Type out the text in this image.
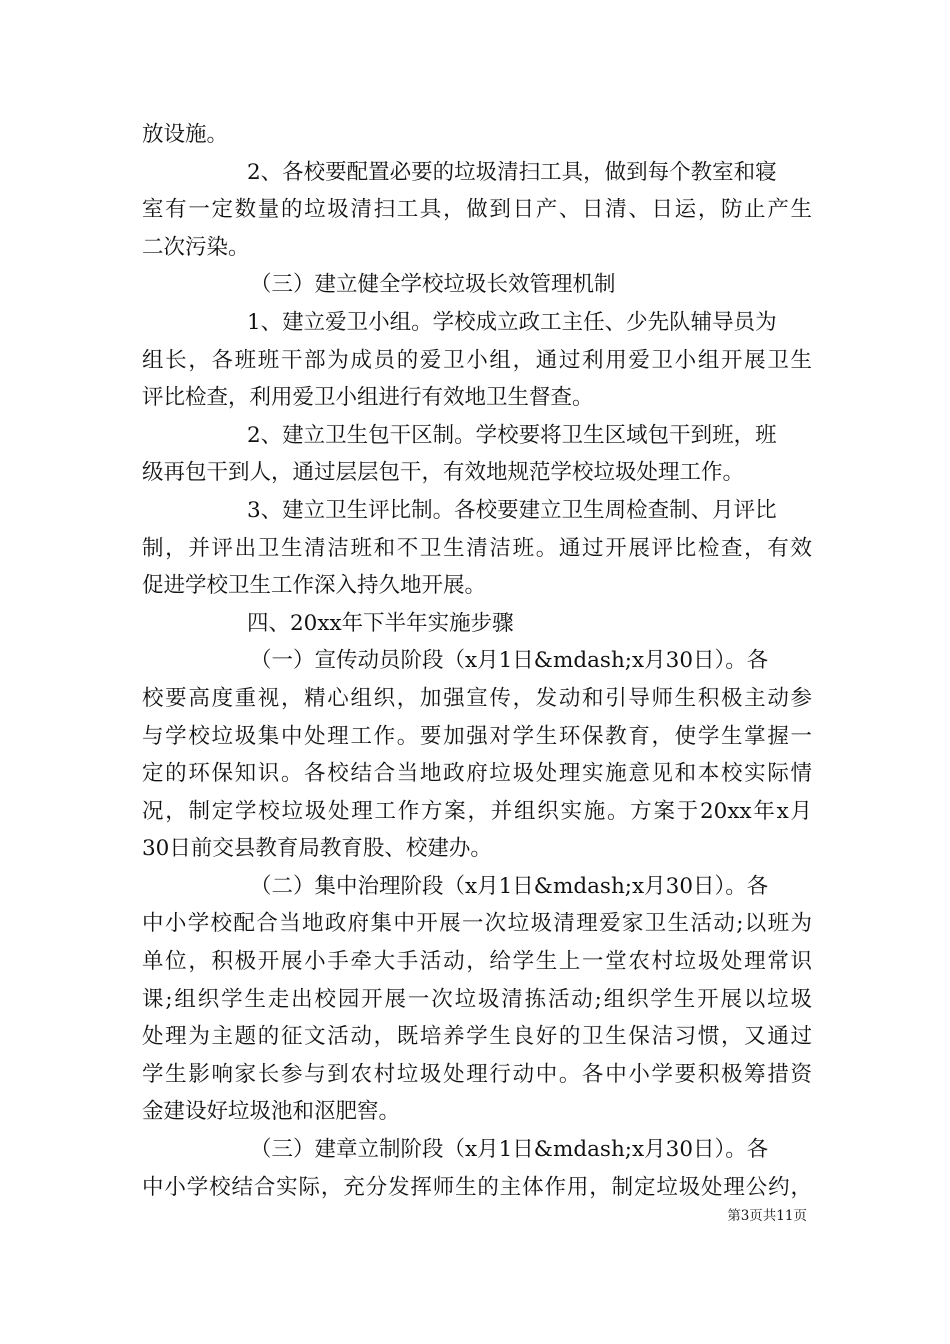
放设施。
2、各校要配置必要的垃圾清扫工具，做到每个教室和寝
室有一定数量的垃圾清扫工具，做到日产、日清、日运，防止产生
二次污染。
（三）建立健全学校垃圾长效管理机制
1、建立爱卫小组。学校成立政工主任、少先队辅导员为
组长，各班班干部为成员的爱卫小组，通过利用爱卫小组开展卫生
评比检查，利用爱卫小组进行有效地卫生督查。
2、建立卫生包干区制。学校要将卫生区域包干到班，班
级再包干到人，通过层层包干，有效地规范学校垃圾处理工作。
3、建立卫生评比制。各校要建立卫生周检查制、月评比
制，并评出卫生清洁班和不卫生清洁班。通过开展评比检查，有效
促进学校卫生工作深入持久地开展。
四、20xx年下半年实施步骤
（一）宣传动员阶段（x月1日&mdash;x月30日）。各
校要高度重视，精心组织，加强宣传，发动和引导师生积极主动参
与学校垃圾集中处理工作。要加强对学生环保教育，使学生掌握一
定的环保知识。各校结合当地政府垃圾处理实施意见和本校实际情
况，制定学校垃圾处理工作方案，并组织实施。方案于20xx年x月
30日前交县教育局教育股、校建办。
（二）集中治理阶段（x月1日&mdash;x月30日）。各
中小学校配合当地政府集中开展一次垃圾清理爱家卫生活动;以班为
单位，积极开展小手牵大手活动，给学生上一堂农村垃圾处理常识
课;组织学生走出校园开展一次垃圾清拣活动;组织学生开展以垃圾
处理为主题的征文活动，既培养学生良好的卫生保洁习惯，又通过
学生影响家长参与到农村垃圾处理行动中。各中小学要积极筹措资
金建设好垃圾池和沤肥窖。
（三）建章立制阶段（x月1日&mdash;x月30日）。各
中小学校结合实际，充分发挥师生的主体作用，制定垃圾处理公约，
第3页共11页
